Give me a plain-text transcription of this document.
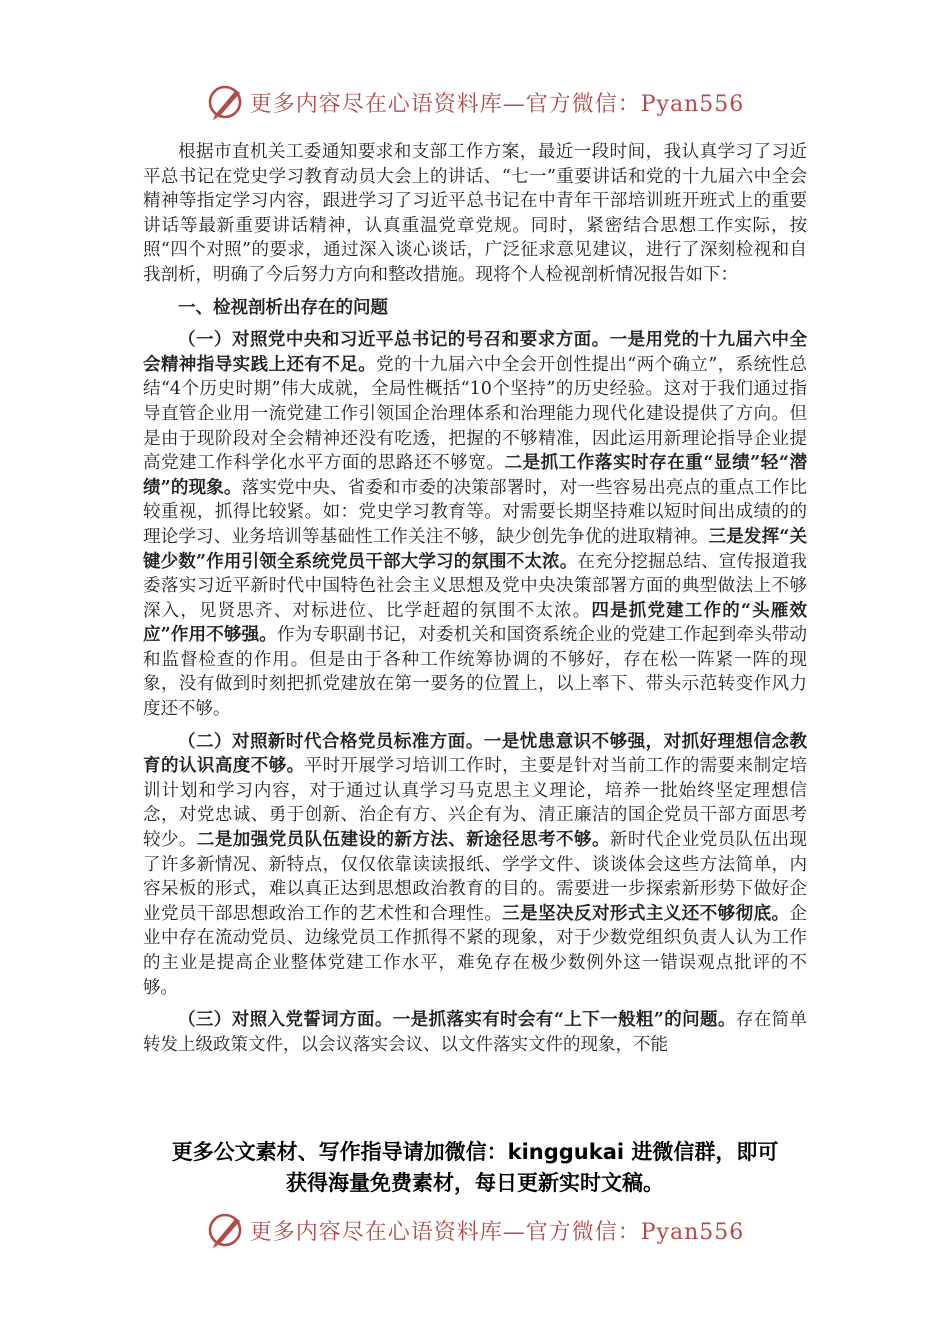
更多内容尽在心语资料库—官方微信：Pyan556

根据市直机关工委通知要求和支部工作方案，最近一段时间，我认真学习了习近平总书记在党史学习教育动员大会上的讲话、“七一”重要讲话和党的十九届六中全会精神等指定学习内容，跟进学习了习近平总书记在中青年干部培训班开班式上的重要讲话等最新重要讲话精神，认真重温党章党规。同时，紧密结合思想工作实际，按照“四个对照”的要求，通过深入谈心谈话，广泛征求意见建议，进行了深刻检视和自我剖析，明确了今后努力方向和整改措施。现将个人检视剖析情况报告如下：

一、检视剖析出存在的问题

（一）对照党中央和习近平总书记的号召和要求方面。一是用党的十九届六中全会精神指导实践上还有不足。党的十九届六中全会开创性提出“两个确立”，系统性总结“4个历史时期”伟大成就，全局性概括“10个坚持”的历史经验。这对于我们通过指导直管企业用一流党建工作引领国企治理体系和治理能力现代化建设提供了方向。但是由于现阶段对全会精神还没有吃透，把握的不够精准，因此运用新理论指导企业提高党建工作科学化水平方面的思路还不够宽。二是抓工作落实时存在重“显绩”轻“潜绩”的现象。落实党中央、省委和市委的决策部署时，对一些容易出亮点的重点工作比较重视，抓得比较紧。如：党史学习教育等。对需要长期坚持难以短时间出成绩的的理论学习、业务培训等基础性工作关注不够，缺少创先争优的进取精神。三是发挥“关键少数”作用引领全系统党员干部大学习的氛围不太浓。在充分挖掘总结、宣传报道我委落实习近平新时代中国特色社会主义思想及党中央决策部署方面的典型做法上不够深入，见贤思齐、对标进位、比学赶超的氛围不太浓。四是抓党建工作的“头雁效应”作用不够强。作为专职副书记，对委机关和国资系统企业的党建工作起到牵头带动和监督检查的作用。但是由于各种工作统筹协调的不够好，存在松一阵紧一阵的现象，没有做到时刻把抓党建放在第一要务的位置上，以上率下、带头示范转变作风力度还不够。

（二）对照新时代合格党员标准方面。一是忧患意识不够强，对抓好理想信念教育的认识高度不够。平时开展学习培训工作时，主要是针对当前工作的需要来制定培训计划和学习内容，对于通过认真学习马克思主义理论，培养一批始终坚定理想信念，对党忠诚、勇于创新、治企有方、兴企有为、清正廉洁的国企党员干部方面思考较少。二是加强党员队伍建设的新方法、新途径思考不够。新时代企业党员队伍出现了许多新情况、新特点，仅仅依靠读读报纸、学学文件、谈谈体会这些方法简单，内容呆板的形式，难以真正达到思想政治教育的目的。需要进一步探索新形势下做好企业党员干部思想政治工作的艺术性和合理性。三是坚决反对形式主义还不够彻底。企业中存在流动党员、边缘党员工作抓得不紧的现象，对于少数党组织负责人认为工作的主业是提高企业整体党建工作水平，难免存在极少数例外这一错误观点批评的不够。

（三）对照入党誓词方面。一是抓落实有时会有“上下一般粗”的问题。存在简单转发上级政策文件，以会议落实会议、以文件落实文件的现象，不能

更多公文素材、写作指导请加微信：kinggukai 进微信群，即可
获得海量免费素材，每日更新实时文稿。
更多内容尽在心语资料库—官方微信：Pyan556
